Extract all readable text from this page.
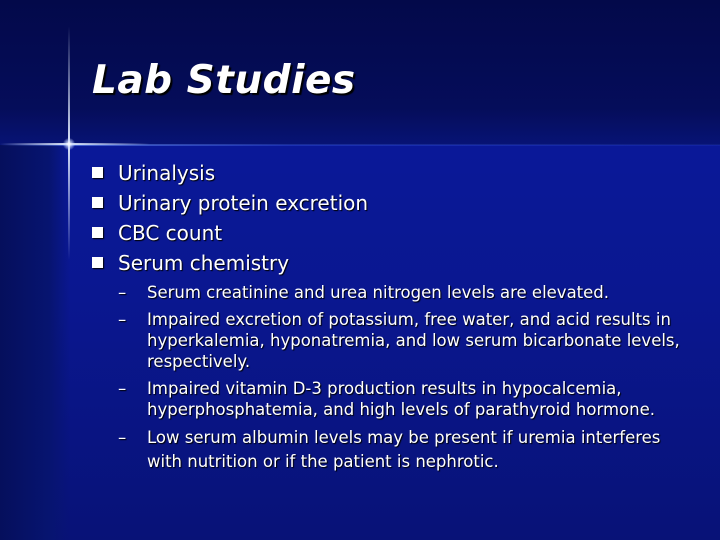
Lab Studies
Urinalysis
Urinary protein excretion
CBC count
Serum chemistry
– Serum creatinine and urea nitrogen levels are elevated.
– Impaired excretion of potassium, free water, and acid results in hyperkalemia, hyponatremia, and low serum bicarbonate levels, respectively.
– Impaired vitamin D-3 production results in hypocalcemia, hyperphosphatemia, and high levels of parathyroid hormone.
– Low serum albumin levels may be present if uremia interferes with nutrition or if the patient is nephrotic.
